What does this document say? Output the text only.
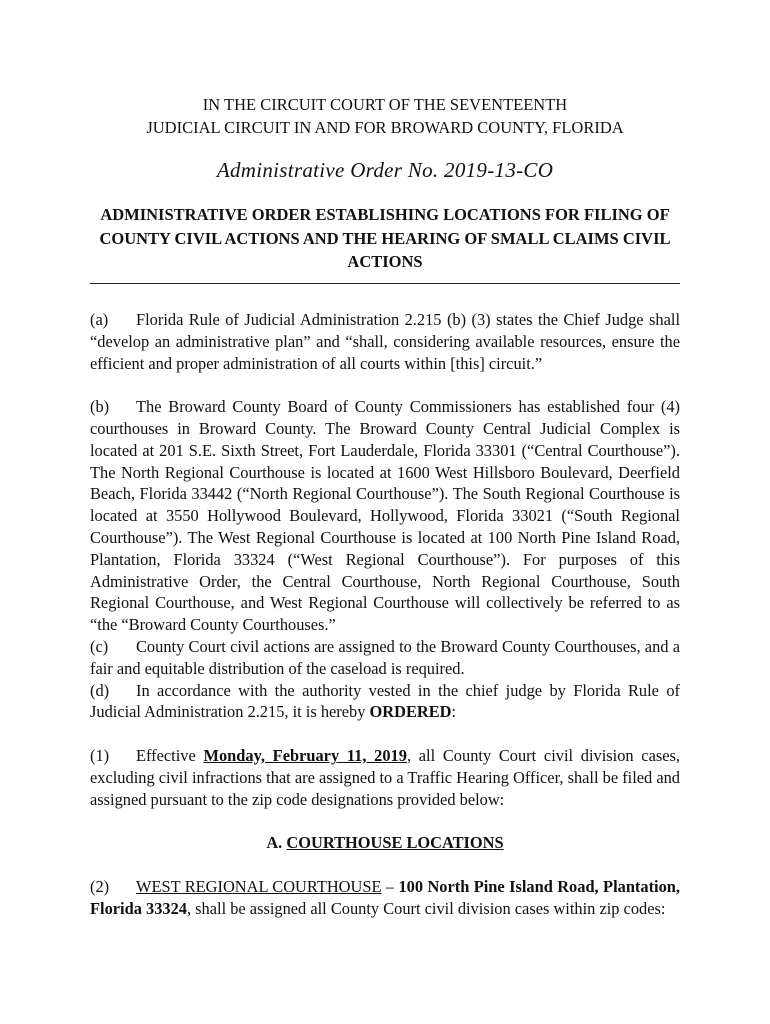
IN THE CIRCUIT COURT OF THE SEVENTEENTH
JUDICIAL CIRCUIT IN AND FOR BROWARD COUNTY, FLORIDA
Administrative Order No. 2019-13-CO
ADMINISTRATIVE ORDER ESTABLISHING LOCATIONS FOR FILING OF COUNTY CIVIL ACTIONS AND THE HEARING OF SMALL CLAIMS CIVIL ACTIONS

(a) Florida Rule of Judicial Administration 2.215 (b) (3) states the Chief Judge shall “develop an administrative plan” and “shall, considering available resources, ensure the efficient and proper administration of all courts within [this] circuit.”

(b) The Broward County Board of County Commissioners has established four (4) courthouses in Broward County. The Broward County Central Judicial Complex is located at 201 S.E. Sixth Street, Fort Lauderdale, Florida 33301 (“Central Courthouse”). The North Regional Courthouse is located at 1600 West Hillsboro Boulevard, Deerfield Beach, Florida 33442 (“North Regional Courthouse”). The South Regional Courthouse is located at 3550 Hollywood Boulevard, Hollywood, Florida 33021 (“South Regional Courthouse”). The West Regional Courthouse is located at 100 North Pine Island Road, Plantation, Florida 33324 (“West Regional Courthouse”). For purposes of this Administrative Order, the Central Courthouse, North Regional Courthouse, South Regional Courthouse, and West Regional Courthouse will collectively be referred to as “the “Broward County Courthouses.”

(c) County Court civil actions are assigned to the Broward County Courthouses, and a fair and equitable distribution of the caseload is required.

(d) In accordance with the authority vested in the chief judge by Florida Rule of Judicial Administration 2.215, it is hereby ORDERED:

(1) Effective Monday, February 11, 2019, all County Court civil division cases, excluding civil infractions that are assigned to a Traffic Hearing Officer, shall be filed and assigned pursuant to the zip code designations provided below:

A. COURTHOUSE LOCATIONS

(2) WEST REGIONAL COURTHOUSE – 100 North Pine Island Road, Plantation, Florida 33324, shall be assigned all County Court civil division cases within zip codes:
